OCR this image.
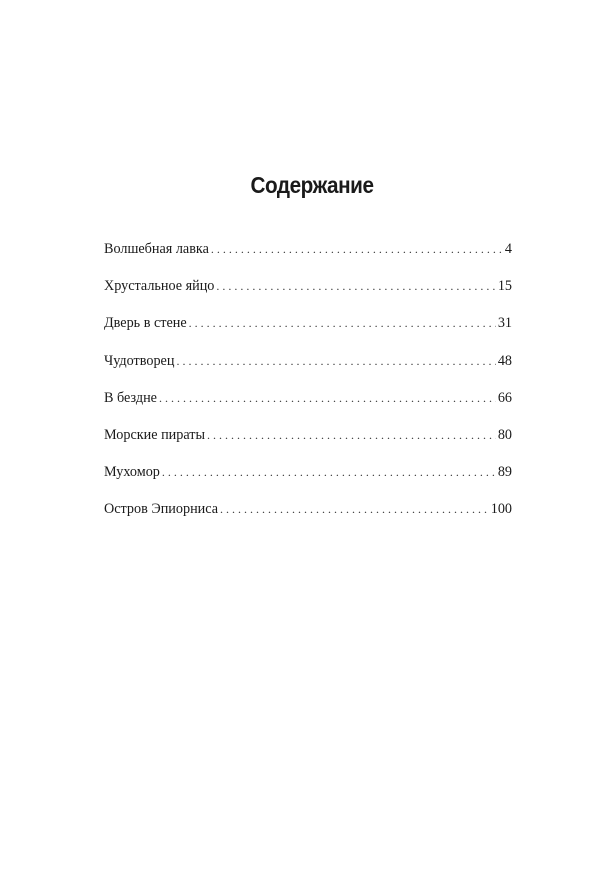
Содержание
Волшебная лавка . . .	4
Хрустальное яйцо . . .	15
Дверь в стене . . .	31
Чудотворец . . .	48
В бездне . . .	66
Морские пираты . . .	80
Мухомор . . .	89
Остров Эпиорниса . . .	100
